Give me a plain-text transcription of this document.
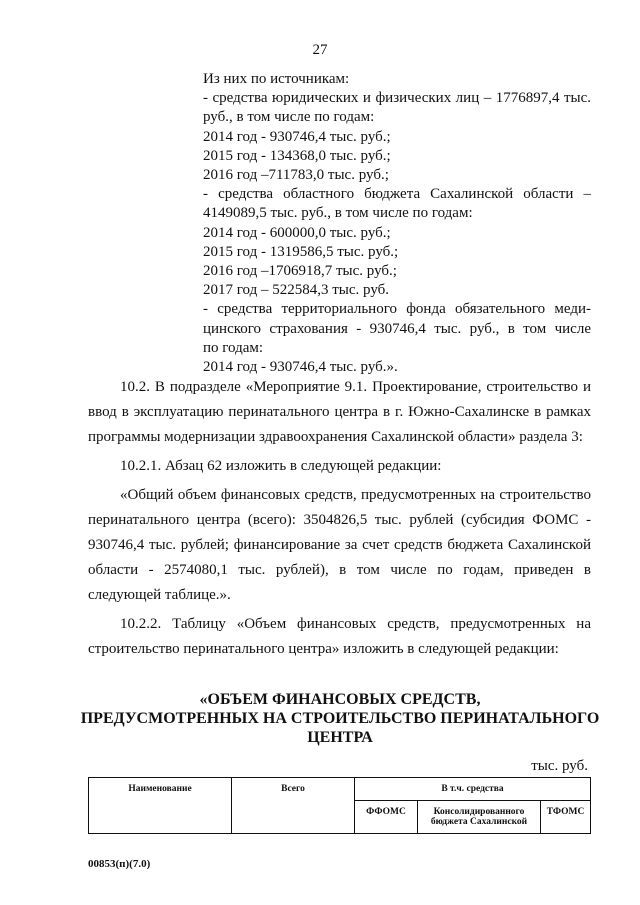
27
Из них по источникам:
- средства юридических и физических лиц – 1776897,4 тыс.
руб., в том числе по годам:
2014 год - 930746,4 тыс. руб.;
2015 год - 134368,0 тыс. руб.;
2016 год –711783,0 тыс. руб.;
- средства областного бюджета Сахалинской области –
4149089,5 тыс. руб., в том числе по годам:
2014 год - 600000,0 тыс. руб.;
2015 год - 1319586,5 тыс. руб.;
2016 год –1706918,7 тыс. руб.;
2017 год – 522584,3 тыс. руб.
- средства территориального фонда обязательного меди-
цинского страхования - 930746,4 тыс. руб., в том числе
по годам:
2014 год - 930746,4 тыс. руб.».

10.2. В подразделе «Мероприятие 9.1. Проектирование, строительство и ввод в эксплуатацию перинатального центра в г. Южно-Сахалинске в рамках программы модернизации здравоохранения Сахалинской области» раздела 3:

10.2.1. Абзац 62 изложить в следующей редакции:

«Общий объем финансовых средств, предусмотренных на строительство перинатального центра (всего): 3504826,5 тыс. рублей (субсидия ФОМС - 930746,4 тыс. рублей; финансирование за счет средств бюджета Сахалинской области - 2574080,1 тыс. рублей), в том числе по годам, приведен в следующей таблице.».

10.2.2. Таблицу «Объем финансовых средств, предусмотренных на строительство перинатального центра» изложить в следующей редакции:

«ОБЪЕМ ФИНАНСОВЫХ СРЕДСТВ,
ПРЕДУСМОТРЕННЫХ НА СТРОИТЕЛЬСТВО ПЕРИНАТАЛЬНОГО
ЦЕНТРА
тыс. руб.
Наименование	Всего	В т.ч. средства		
		ФФОМС	Консолидированного бюджета Сахалинской	ТФОМС
00853(п)(7.0)
